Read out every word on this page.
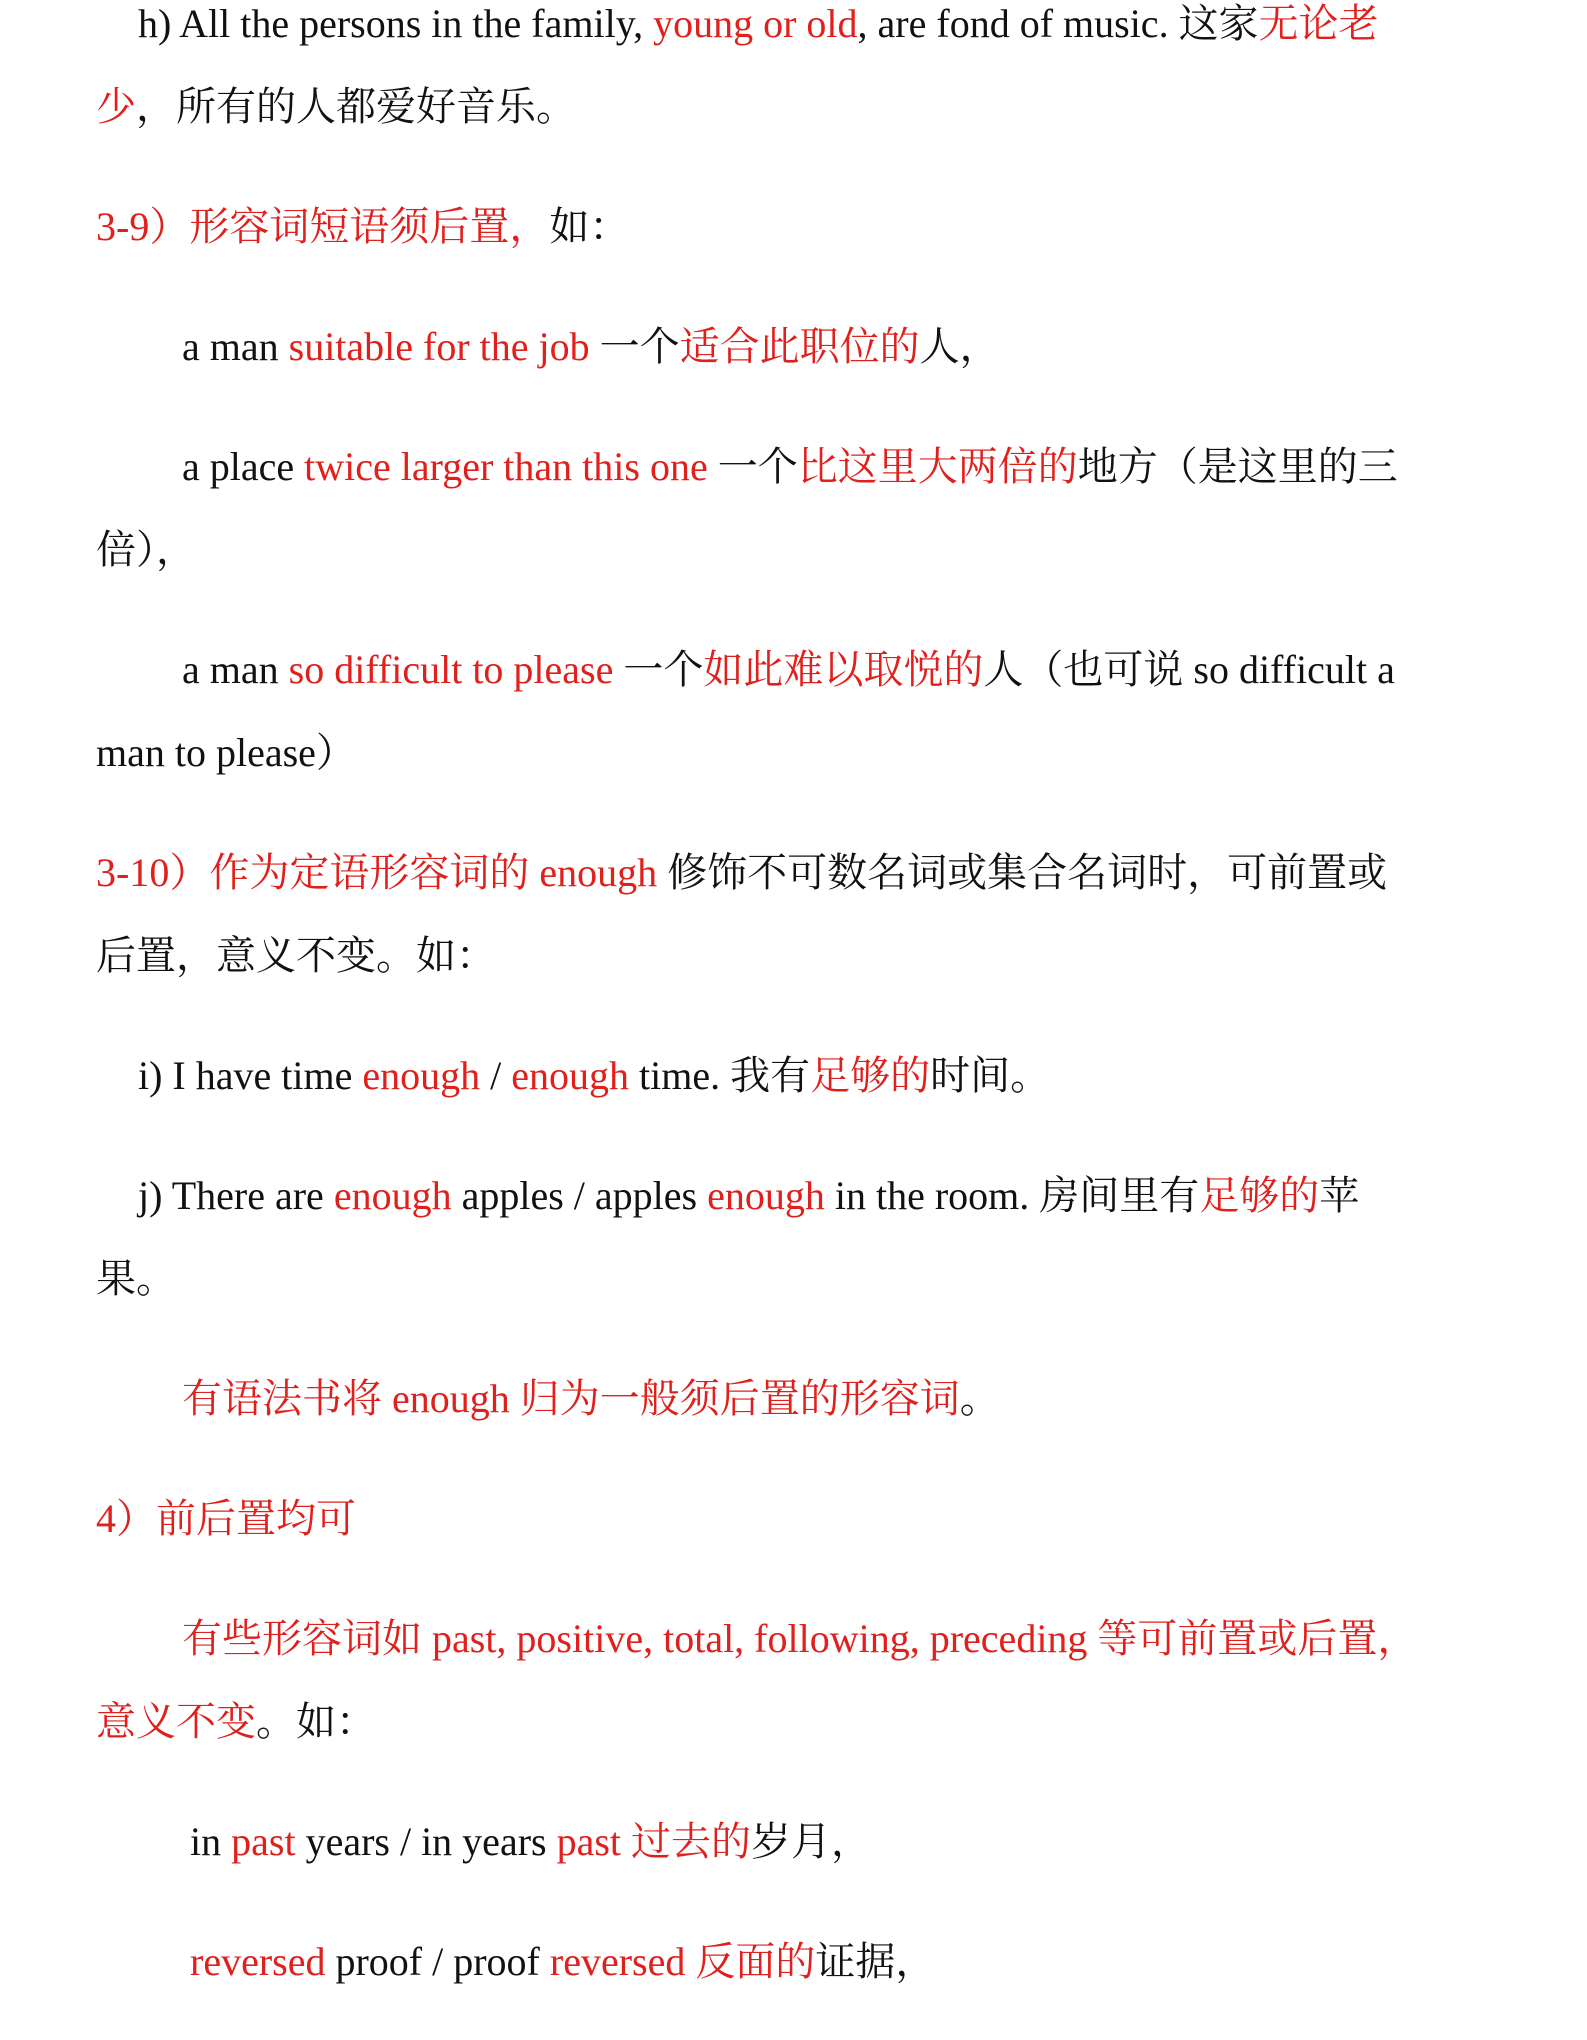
h) All the persons in the family, young or old, are fond of music. 这家无论老
少，所有的人都爱好音乐。
3-9）形容词短语须后置，如：
a man suitable for the job 一个适合此职位的人，
a place twice larger than this one 一个比这里大两倍的地方（是这里的三
倍），
a man so difficult to please 一个如此难以取悦的人（也可说 so difficult a
man to please）
3-10）作为定语形容词的 enough 修饰不可数名词或集合名词时，可前置或
后置，意义不变。如：
i) I have time enough / enough time. 我有足够的时间。
j) There are enough apples / apples enough in the room. 房间里有足够的苹
果。
有语法书将 enough 归为一般须后置的形容词。
4）前后置均可
有些形容词如 past, positive, total, following, preceding 等可前置或后置，
意义不变。如：
in past years / in years past 过去的岁月，
reversed proof / proof reversed 反面的证据，
